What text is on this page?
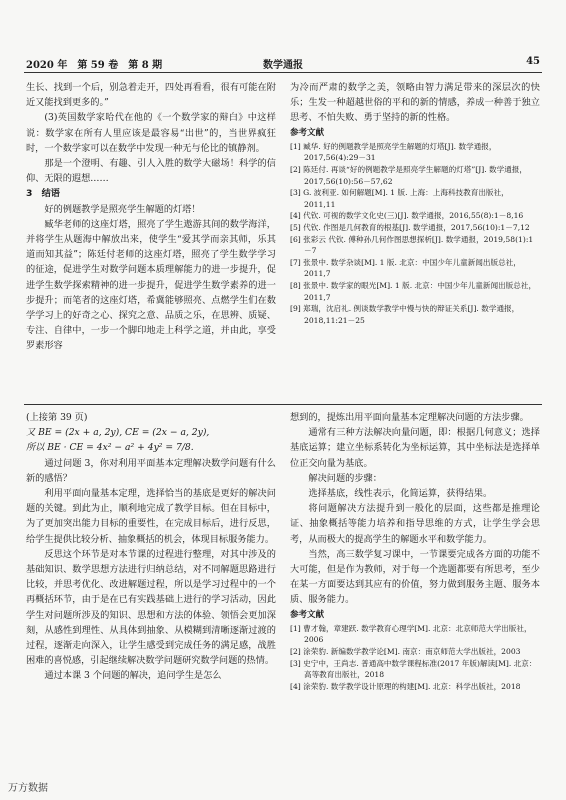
2020 年　 第 59 卷　 第 8 期	数学通报	45

生长、找到一个后，别急着走开，四处再看看，很有可能在附近又能找到更多的。”

(3)英国数学家哈代在他的《一个数学家的辩白》中这样说：数学家在所有人里应该是最容易“出世”的，当世界疯狂时，一个数学家可以在数学中发现一种无与伦比的镇静剂。

那是一个澄明、有趣、引人入胜的数学大磁场！科学的信仰、无限的遐想……

3　结语

好的例题教学是照亮学生解题的灯塔！

臧华老师的这座灯塔，照亮了学生遨游其间的数学海洋，并将学生从题海中解放出来，使学生“爱其学而亲其师，乐其道而知其益”；陈廷付老师的这座灯塔，照亮了学生数学学习的征途，促进学生对数学问题本质理解能力的进一步提升，促进学生数学探索精神的进一步提升，促进学生数学素养的进一步提升；而笔者的这座灯塔，希冀能够照亮、点燃学生们在数学学习上的好奇之心、探究之意、品质之乐，在思辨、质疑、专注、自律中，一步一个脚印地走上科学之道，并由此，享受罗素形容

为冷而严肃的数学之美，领略由智力满足带来的深层次的快乐；生发一种超越世俗的平和的新的情感，养成一种善于独立思考、不怕失败、勇于坚持的新的性格。

参考文献

[1] 臧华. 好的例题教学是照亮学生解题的灯塔[J]. 数学通报，2017,56(4):29－31

[2] 陈廷付. 再谈“好的例题教学是照亮学生解题的灯塔”[J]. 数学通报，2017,56(10):56－57,62

[3] G. 波利亚. 如何解题[M]. 1 版. 上海：上海科技教育出版社，2011,11

[4] 代钦. 可视的数学文化史(三)[J]. 数学通报，2016,55(8):1－8,16

[5] 代钦. 作图是几何教育的根基[J]. 数学通报，2017,56(10):1－7,12

[6] 张彩云 代钦. 傅种孙几何作图思想探析[J]. 数学通报，2019,58(1):1－7

[7] 张景中. 数学杂谈[M]. 1 版. 北京：中国少年儿童新闻出版总社，2011,7

[8] 张景中. 数学家的眼光[M]. 1 版. 北京：中国少年儿童新闻出版总社，2011,7

[9] 郑瑞，沈启礼. 例谈数学教学中慢与快的辩证关系[J]. 数学通报，2018,11:21－25

(上接第 39 页)

又 BE = (2x + a, 2y), CE = (2x − a, 2y),

所以 BE · CE = 4x² − a² + 4y² = 7/8.

通过问题 3，你对利用平面基本定理解决数学问题有什么新的感悟？

利用平面向量基本定理，选择恰当的基底是更好的解决问题的关键。到此为止，顺利地完成了教学目标。但在目标中，为了更加突出能力目标的重要性，在完成目标后，进行反思，给学生提供比较分析、抽象概括的机会，体现目标服务能力。

反思这个环节是对本节课的过程进行整理，对其中涉及的基础知识、数学思想方法进行归纳总结，对不同解题思路进行比较，并思考优化、改进解题过程，所以是学习过程中的一个再概括环节，由于是在已有实践基础上进行的学习活动，因此学生对问题所涉及的知识、思想和方法的体验、领悟会更加深刻，从感性到理性、从具体到抽象、从模糊到清晰逐渐过渡的过程，逐渐走向深入，让学生感受到完成任务的满足感，战胜困难的喜悦感，引起继续解决数学问题研究数学问题的热情。

通过本课 3 个问题的解决，追问学生是怎么

想到的，提炼出用平面向量基本定理解决问题的方法步骤。

通常有三种方法解决向量问题，即：根据几何意义；选择基底运算；建立坐标系转化为坐标运算，其中坐标法是选择单位正交向量为基底。

解决问题的步骤：

选择基底，线性表示，化简运算，获得结果。

将问题解决方法提升到一般化的层面，这些都是推理论证、抽象概括等能力培养和指导思维的方式，让学生学会思考，从而极大的提高学生的解题水平和数学能力。

当然，高三数学复习课中，一节课要完成各方面的功能不大可能，但是作为教师，对于每一个选题都要有所思考，至少在某一方面要达到其应有的价值，努力做到服务主题、服务本质、服务能力。

参考文献

[1] 曹才翰，章建跃. 数学教育心理学[M]. 北京：北京师范大学出版社，2006

[2] 涂荣豹. 新编数学教学论[M]. 南京：南京师范大学出版社，2003

[3] 史宁中，王尚志. 普通高中数学课程标准(2017 年版)解读[M]. 北京：高等教育出版社，2018

[4] 涂荣豹. 数学教学设计原理的构建[M]. 北京：科学出版社，2018

万方数据
